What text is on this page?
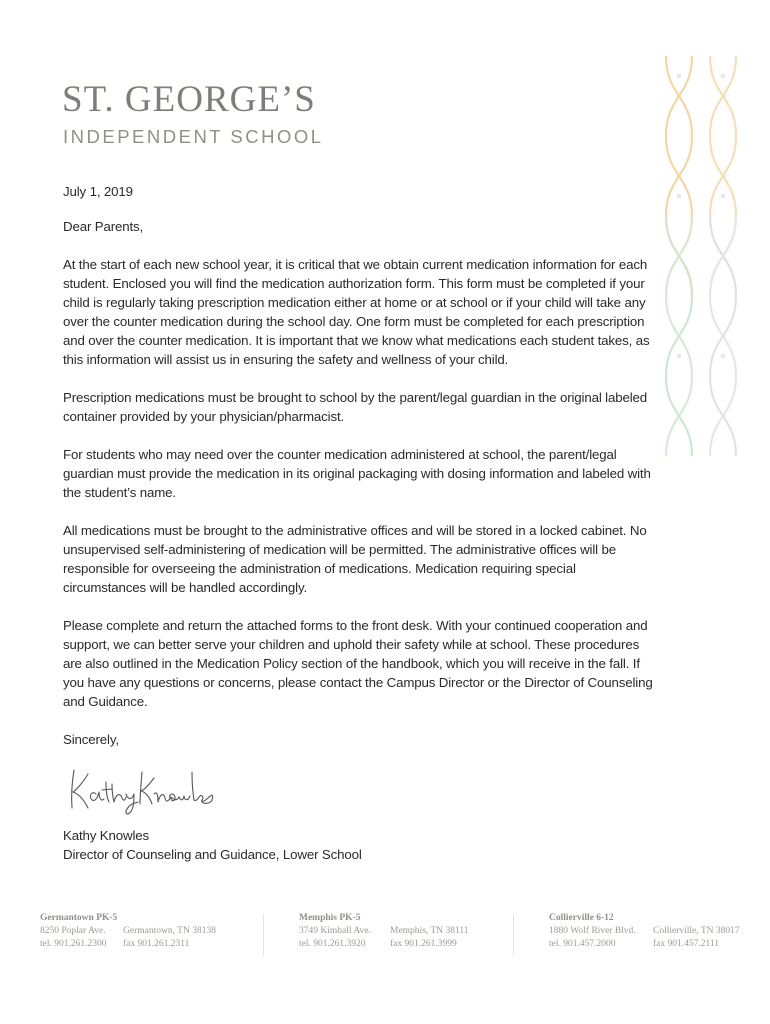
ST. GEORGE’S
INDEPENDENT SCHOOL

July 1, 2019

Dear Parents,

At the start of each new school year, it is critical that we obtain current medication information for each student. Enclosed you will find the medication authorization form. This form must be completed if your child is regularly taking prescription medication either at home or at school or if your child will take any over the counter medication during the school day. One form must be completed for each prescription and over the counter medication. It is important that we know what medications each student takes, as this information will assist us in ensuring the safety and wellness of your child.

Prescription medications must be brought to school by the parent/legal guardian in the original labeled container provided by your physician/pharmacist.

For students who may need over the counter medication administered at school, the parent/legal guardian must provide the medication in its original packaging with dosing information and labeled with the student’s name.

All medications must be brought to the administrative offices and will be stored in a locked cabinet. No unsupervised self-administering of medication will be permitted. The administrative offices will be responsible for overseeing the administration of medications. Medication requiring special circumstances will be handled accordingly.

Please complete and return the attached forms to the front desk. With your continued cooperation and support, we can better serve your children and uphold their safety while at school. These procedures are also outlined in the Medication Policy section of the handbook, which you will receive in the fall. If you have any questions or concerns, please contact the Campus Director or the Director of Counseling and Guidance.

Sincerely,

Kathy Knowles
Director of Counseling and Guidance, Lower School
Germantown PK-5
8250 Poplar Ave.
tel. 901.261.2300
Germantown, TN 38138
fax 901.261.2311
Memphis PK-5
3749 Kimball Ave.
tel. 901.261.3920
Memphis, TN 38111
fax 901.261.3999
Collierville 6-12
1880 Wolf River Blvd.
tel. 901.457.2000
Collierville, TN 38017
fax 901.457.2111
